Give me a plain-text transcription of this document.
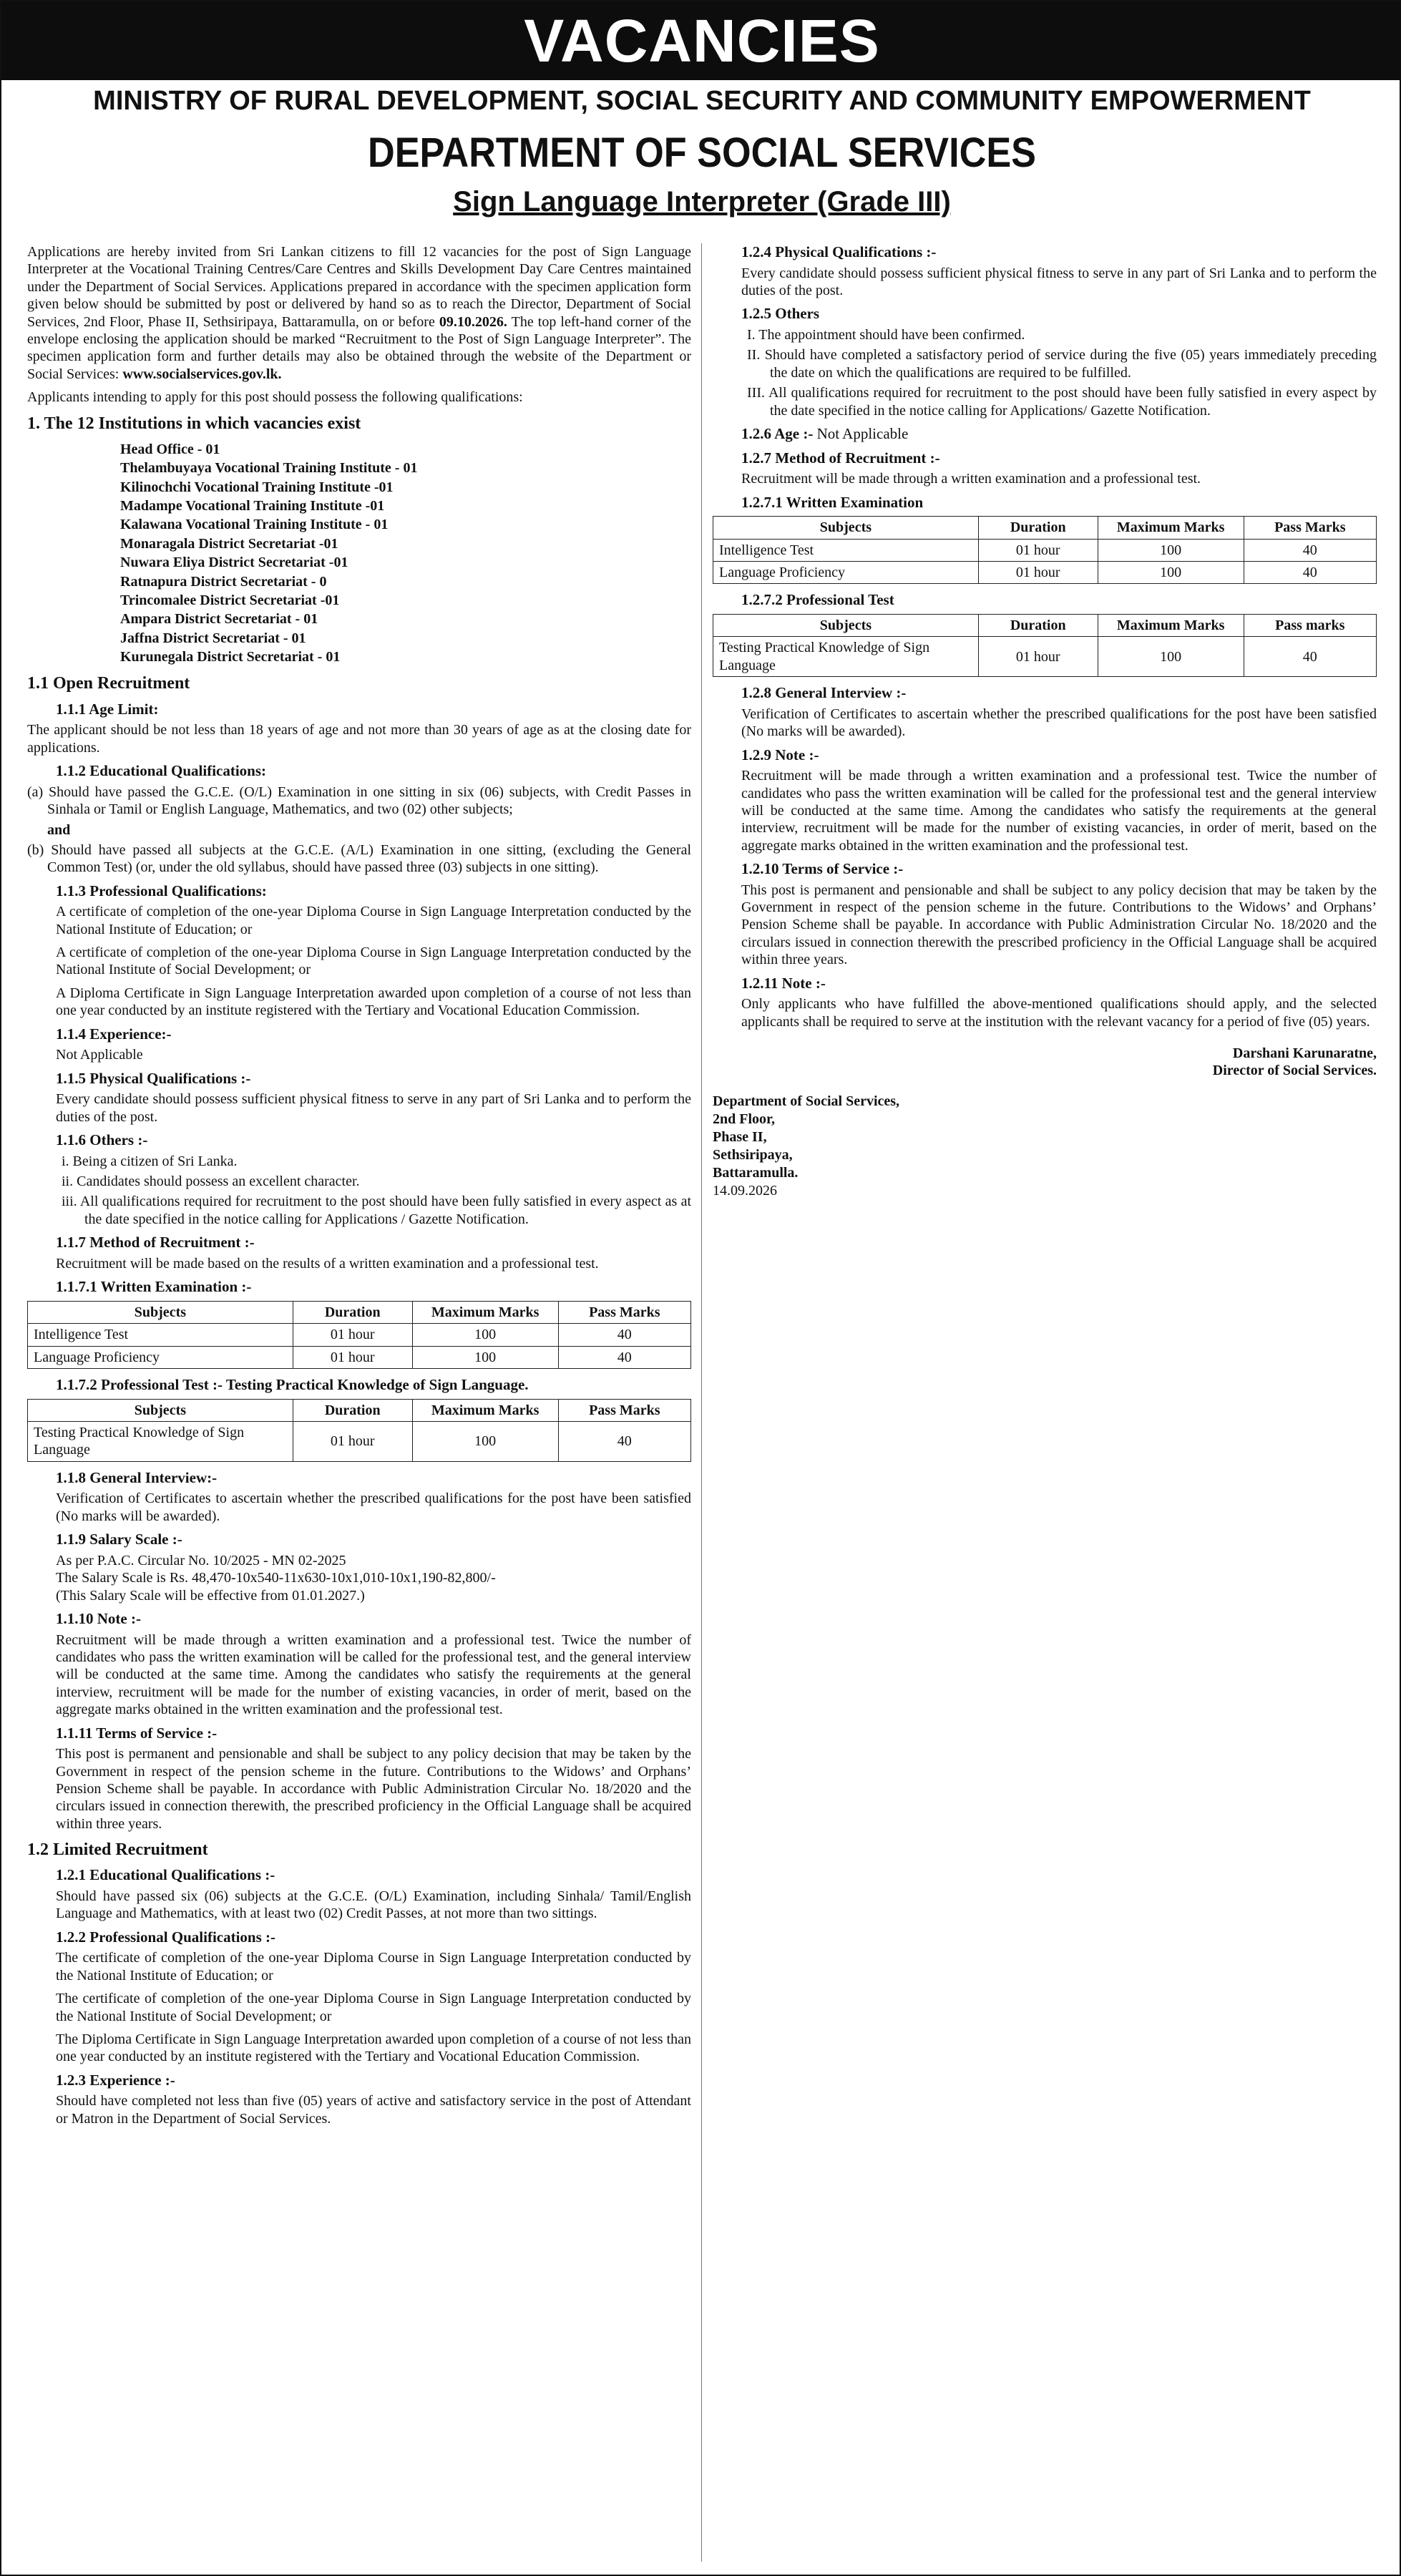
VACANCIES
MINISTRY OF RURAL DEVELOPMENT, SOCIAL SECURITY AND COMMUNITY EMPOWERMENT
DEPARTMENT OF SOCIAL SERVICES
Sign Language Interpreter (Grade III)

Applications are hereby invited from Sri Lankan citizens to fill 12 vacancies for the post of Sign Language Interpreter at the Vocational Training Centres/Care Centres and Skills Development Day Care Centres maintained under the Department of Social Services. Applications prepared in accordance with the specimen application form given below should be submitted by post or delivered by hand so as to reach the Director, Department of Social Services, 2nd Floor, Phase II, Sethsiripaya, Battaramulla, on or before 09.10.2026. The top left-hand corner of the envelope enclosing the application should be marked “Recruitment to the Post of Sign Language Interpreter”. The specimen application form and further details may also be obtained through the website of the Department or Social Services: www.socialservices.gov.lk.

Applicants intending to apply for this post should possess the following qualifications:

1. The 12 Institutions in which vacancies exist
Head Office - 01
Thelambuyaya Vocational Training Institute - 01
Kilinochchi Vocational Training Institute -01
Madampe Vocational Training Institute -01
Kalawana Vocational Training Institute - 01
Monaragala District Secretariat -01
Nuwara Eliya District Secretariat -01
Ratnapura District Secretariat - 0
Trincomalee District Secretariat -01
Ampara District Secretariat - 01
Jaffna District Secretariat - 01
Kurunegala District Secretariat - 01
1.1 Open Recruitment
1.1.1 Age Limit:

The applicant should be not less than 18 years of age and not more than 30 years of age as at the closing date for applications.

1.1.2 Educational Qualifications:
(a) Should have passed the G.C.E. (O/L) Examination in one sitting in six (06) subjects, with Credit Passes in Sinhala or Tamil or English Language, Mathematics, and two (02) other subjects;
and
(b) Should have passed all subjects at the G.C.E. (A/L) Examination in one sitting, (excluding the General Common Test) (or, under the old syllabus, should have passed three (03) subjects in one sitting).
1.1.3 Professional Qualifications:

A certificate of completion of the one-year Diploma Course in Sign Language Interpretation conducted by the National Institute of Education; or

A certificate of completion of the one-year Diploma Course in Sign Language Interpretation conducted by the National Institute of Social Development; or

A Diploma Certificate in Sign Language Interpretation awarded upon completion of a course of not less than one year conducted by an institute registered with the Tertiary and Vocational Education Commission.

1.1.4 Experience:-

Not Applicable

1.1.5 Physical Qualifications :-

Every candidate should possess sufficient physical fitness to serve in any part of Sri Lanka and to perform the duties of the post.

1.1.6 Others :-
i. Being a citizen of Sri Lanka.
ii. Candidates should possess an excellent character.
iii. All qualifications required for recruitment to the post should have been fully satisfied in every aspect as at the date specified in the notice calling for Applications / Gazette Notification.
1.1.7 Method of Recruitment :-

Recruitment will be made based on the results of a written examination and a professional test.

1.1.7.1 Written Examination :-
Subjects	Duration	Maximum Marks	Pass Marks
Intelligence Test	01 hour	100	40
Language Proficiency	01 hour	100	40
1.1.7.2 Professional Test :- Testing Practical Knowledge of Sign Language.
Subjects	Duration	Maximum Marks	Pass Marks
Testing Practical Knowledge of Sign Language	01 hour	100	40
1.1.8 General Interview:-

Verification of Certificates to ascertain whether the prescribed qualifications for the post have been satisfied (No marks will be awarded).

1.1.9 Salary Scale :-
As per P.A.C. Circular No. 10/2025 - MN 02-2025
The Salary Scale is Rs. 48,470-10x540-11x630-10x1,010-10x1,190-82,800/-
(This Salary Scale will be effective from 01.01.2027.)
1.1.10 Note :-

Recruitment will be made through a written examination and a professional test. Twice the number of candidates who pass the written examination will be called for the professional test, and the general interview will be conducted at the same time. Among the candidates who satisfy the requirements at the general interview, recruitment will be made for the number of existing vacancies, in order of merit, based on the aggregate marks obtained in the written examination and the professional test.

1.1.11 Terms of Service :-

This post is permanent and pensionable and shall be subject to any policy decision that may be taken by the Government in respect of the pension scheme in the future. Contributions to the Widows’ and Orphans’ Pension Scheme shall be payable. In accordance with Public Administration Circular No. 18/2020 and the circulars issued in connection therewith, the prescribed proficiency in the Official Language shall be acquired within three years.

1.2 Limited Recruitment
1.2.1 Educational Qualifications :-

Should have passed six (06) subjects at the G.C.E. (O/L) Examination, including Sinhala/ Tamil/English Language and Mathematics, with at least two (02) Credit Passes, at not more than two sittings.

1.2.2 Professional Qualifications :-

The certificate of completion of the one-year Diploma Course in Sign Language Interpretation conducted by the National Institute of Education; or

The certificate of completion of the one-year Diploma Course in Sign Language Interpretation conducted by the National Institute of Social Development; or

The Diploma Certificate in Sign Language Interpretation awarded upon completion of a course of not less than one year conducted by an institute registered with the Tertiary and Vocational Education Commission.

1.2.3 Experience :-

Should have completed not less than five (05) years of active and satisfactory service in the post of Attendant or Matron in the Department of Social Services.

1.2.4 Physical Qualifications :-

Every candidate should possess sufficient physical fitness to serve in any part of Sri Lanka and to perform the duties of the post.

1.2.5 Others
I. The appointment should have been confirmed.
II. Should have completed a satisfactory period of service during the five (05) years immediately preceding the date on which the qualifications are required to be fulfilled.
III. All qualifications required for recruitment to the post should have been fully satisfied in every aspect by the date specified in the notice calling for Applications/ Gazette Notification.
1.2.6 Age :- Not Applicable
1.2.7 Method of Recruitment :-

Recruitment will be made through a written examination and a professional test.

1.2.7.1 Written Examination
Subjects	Duration	Maximum Marks	Pass Marks
Intelligence Test	01 hour	100	40
Language Proficiency	01 hour	100	40
1.2.7.2 Professional Test
Subjects	Duration	Maximum Marks	Pass marks
Testing Practical Knowledge of Sign Language	01 hour	100	40
1.2.8 General Interview :-

Verification of Certificates to ascertain whether the prescribed qualifications for the post have been satisfied (No marks will be awarded).

1.2.9 Note :-

Recruitment will be made through a written examination and a professional test. Twice the number of candidates who pass the written examination will be called for the professional test and the general interview will be conducted at the same time. Among the candidates who satisfy the requirements at the general interview, recruitment will be made for the number of existing vacancies, in order of merit, based on the aggregate marks obtained in the written examination and the professional test.

1.2.10 Terms of Service :-

This post is permanent and pensionable and shall be subject to any policy decision that may be taken by the Government in respect of the pension scheme in the future. Contributions to the Widows’ and Orphans’ Pension Scheme shall be payable. In accordance with Public Administration Circular No. 18/2020 and the circulars issued in connection therewith the prescribed proficiency in the Official Language shall be acquired within three years.

1.2.11 Note :-

Only applicants who have fulfilled the above-mentioned qualifications should apply, and the selected applicants shall be required to serve at the institution with the relevant vacancy for a period of five (05) years.

Darshani Karunaratne,
Director of Social Services.
Department of Social Services,
2nd Floor,
Phase II,
Sethsiripaya,
Battaramulla.
14.09.2026
